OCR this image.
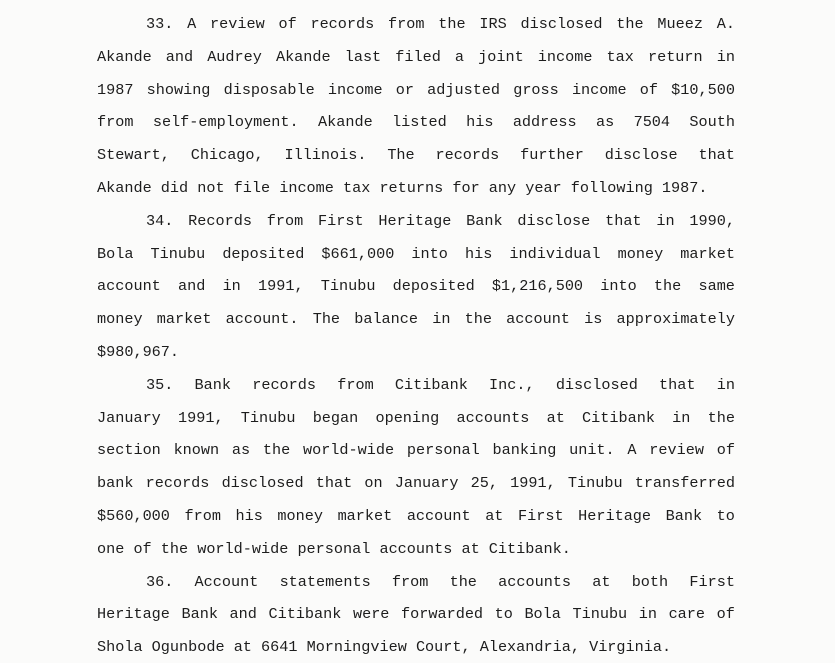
33. A review of records from the IRS disclosed the Mueez A.
Akande and Audrey Akande last filed a joint income tax return in
1987 showing disposable income or adjusted gross income of $10,500
from self-employment. Akande listed his address as 7504 South
Stewart, Chicago, Illinois. The records further disclose that
Akande did not file income tax returns for any year following 1987.
34. Records from First Heritage Bank disclose that in 1990,
Bola Tinubu deposited $661,000 into his individual money market
account and in 1991, Tinubu deposited $1,216,500 into the same
money market account. The balance in the account is approximately
$980,967.
35. Bank records from Citibank Inc., disclosed that in
January 1991, Tinubu began opening accounts at Citibank in the
section known as the world-wide personal banking unit. A review of
bank records disclosed that on January 25, 1991, Tinubu transferred
$560,000 from his money market account at First Heritage Bank to
one of the world-wide personal accounts at Citibank.
36. Account statements from the accounts at both First
Heritage Bank and Citibank were forwarded to Bola Tinubu in care of
Shola Ogunbode at 6641 Morningview Court, Alexandria, Virginia.
